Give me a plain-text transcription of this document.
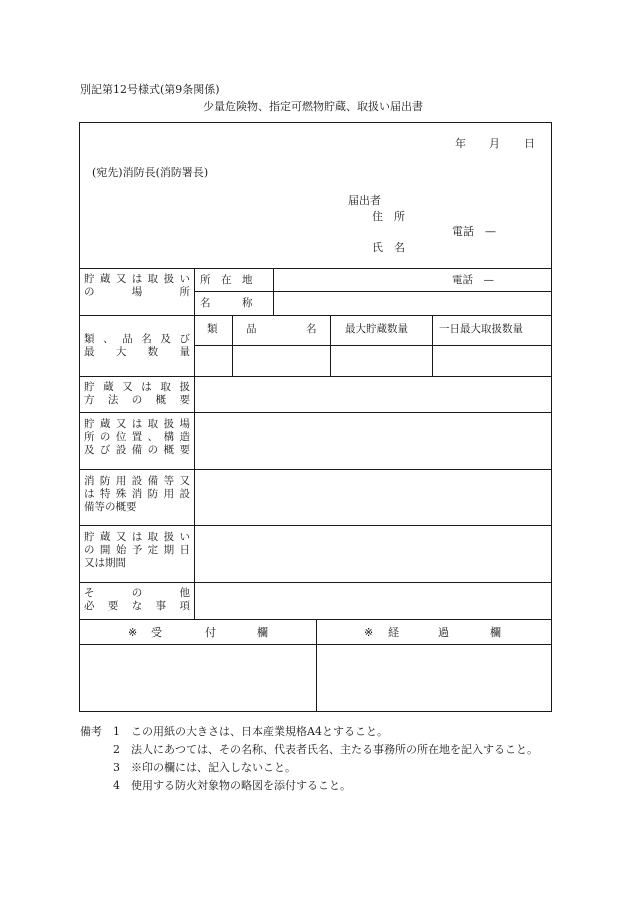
別記第12号様式(第9条関係)
少量危険物、指定可燃物貯蔵、取扱い届出書
年 月 日
(宛先)消防長(消防署長)
届出者
住　所
電話　—
氏　名
貯蔵又は取扱い
の　場　所
所　在　地	電話　—
名　　　称
類、品名及び
最　大　数　量
類	品	名	最大貯蔵数量	一日最大取扱数量
貯蔵又は取扱
方法の概要
貯蔵又は取扱場
所の位置、構造
及び設備の概要
消防用設備等又
は特殊消防用設
備等の概要
貯蔵又は取扱い
の開始予定期日
又は期間
そ　の　他
必要な事項
※ 受	付	欄	※ 経	過	欄
備考 1 この用紙の大きさは、日本産業規格A4とすること。
2 法人にあつては、その名称、代表者氏名、主たる事務所の所在地を記入すること。
3 ※印の欄には、記入しないこと。
4 使用する防火対象物の略図を添付すること。
